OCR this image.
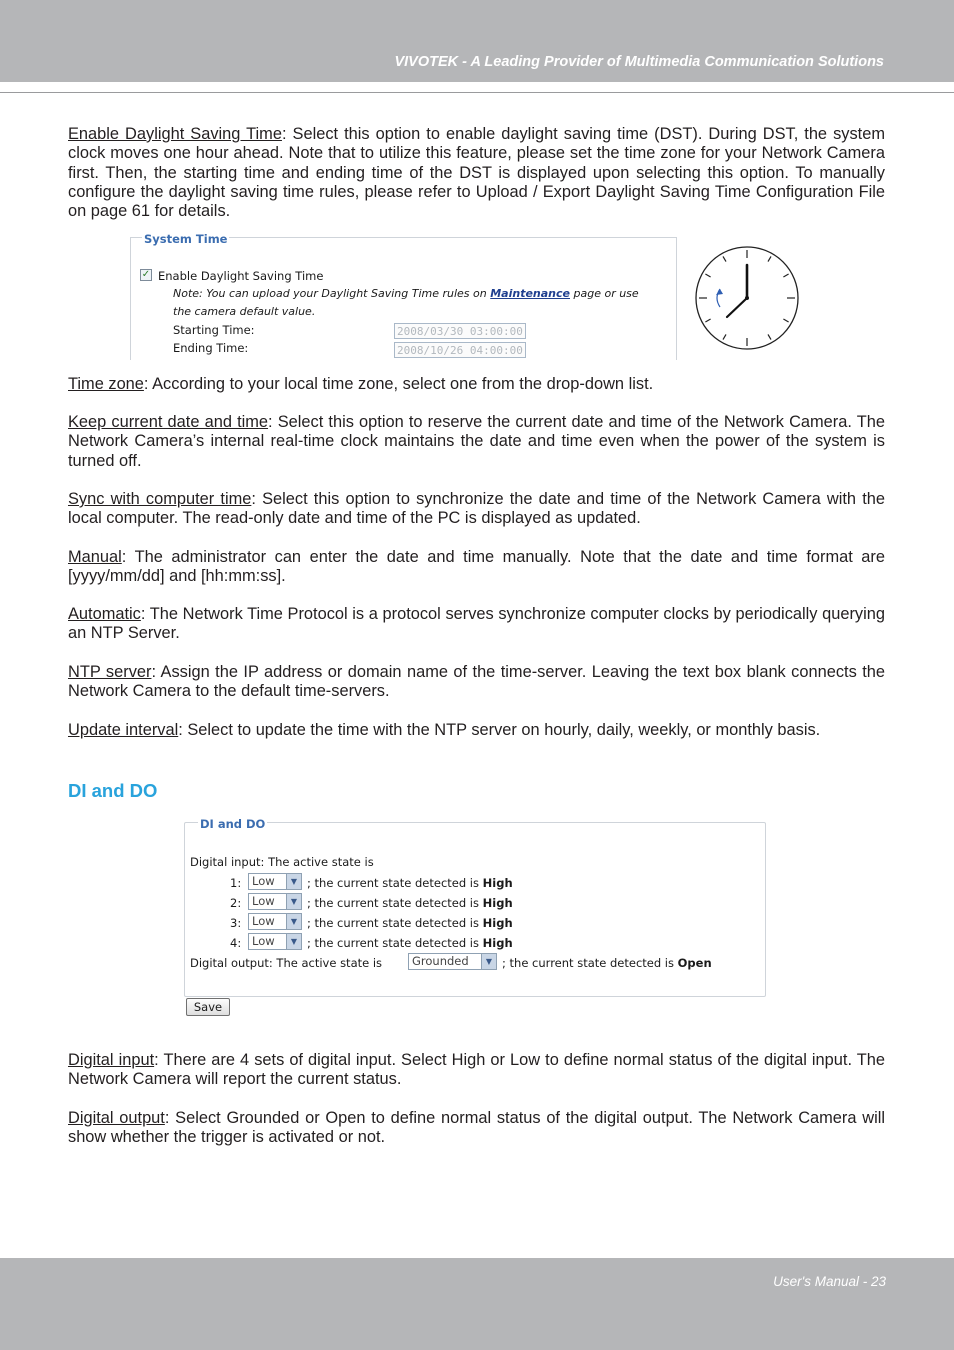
VIVOTEK - A Leading Provider of Multimedia Communication Solutions
Enable Daylight Saving Time: Select this option to enable daylight saving time (DST). During DST, the system clock moves one hour ahead. Note that to utilize this feature, please set the time zone for your Network Camera first. Then, the starting time and ending time of the DST is displayed upon selecting this option. To manually configure the daylight saving time rules, please refer to Upload / Export Daylight Saving Time Configuration File on page 61 for details.
System Time
✓ Enable Daylight Saving Time
Note: You can upload your Daylight Saving Time rules on Maintenance page or use
the camera default value.
Starting Time:	2008/03/30 03:00:00
Ending Time:	2008/10/26 04:00:00
Time zone: According to your local time zone, select one from the drop-down list.
Keep current date and time: Select this option to reserve the current date and time of the Network Camera. The Network Camera’s internal real-time clock maintains the date and time even when the power of the system is turned off.
Sync with computer time: Select this option to synchronize the date and time of the Network Camera with the local computer. The read-only date and time of the PC is displayed as updated.
Manual: The administrator can enter the date and time manually. Note that the date and time format are [yyyy/mm/dd] and [hh:mm:ss].
Automatic: The Network Time Protocol is a protocol serves synchronize computer clocks by periodically querying an NTP Server.
NTP server: Assign the IP address or domain name of the time-server. Leaving the text box blank connects the Network Camera to the default time-servers.
Update interval: Select to update the time with the NTP server on hourly, daily, weekly, or monthly basis.
DI and DO
DI and DO
Digital input: The active state is
1: Low	▼ ; the current state detected is High
2: Low	▼ ; the current state detected is High
3: Low	▼ ; the current state detected is High
4: Low	▼ ; the current state detected is High
Digital output: The active state is	Grounded	▼ ; the current state detected is Open
Save
Digital input: There are 4 sets of digital input. Select High or Low to define normal status of the digital input. The Network Camera will report the current status.
Digital output: Select Grounded or Open to define normal status of the digital output. The Network Camera will show whether the trigger is activated or not.
User's Manual - 23
